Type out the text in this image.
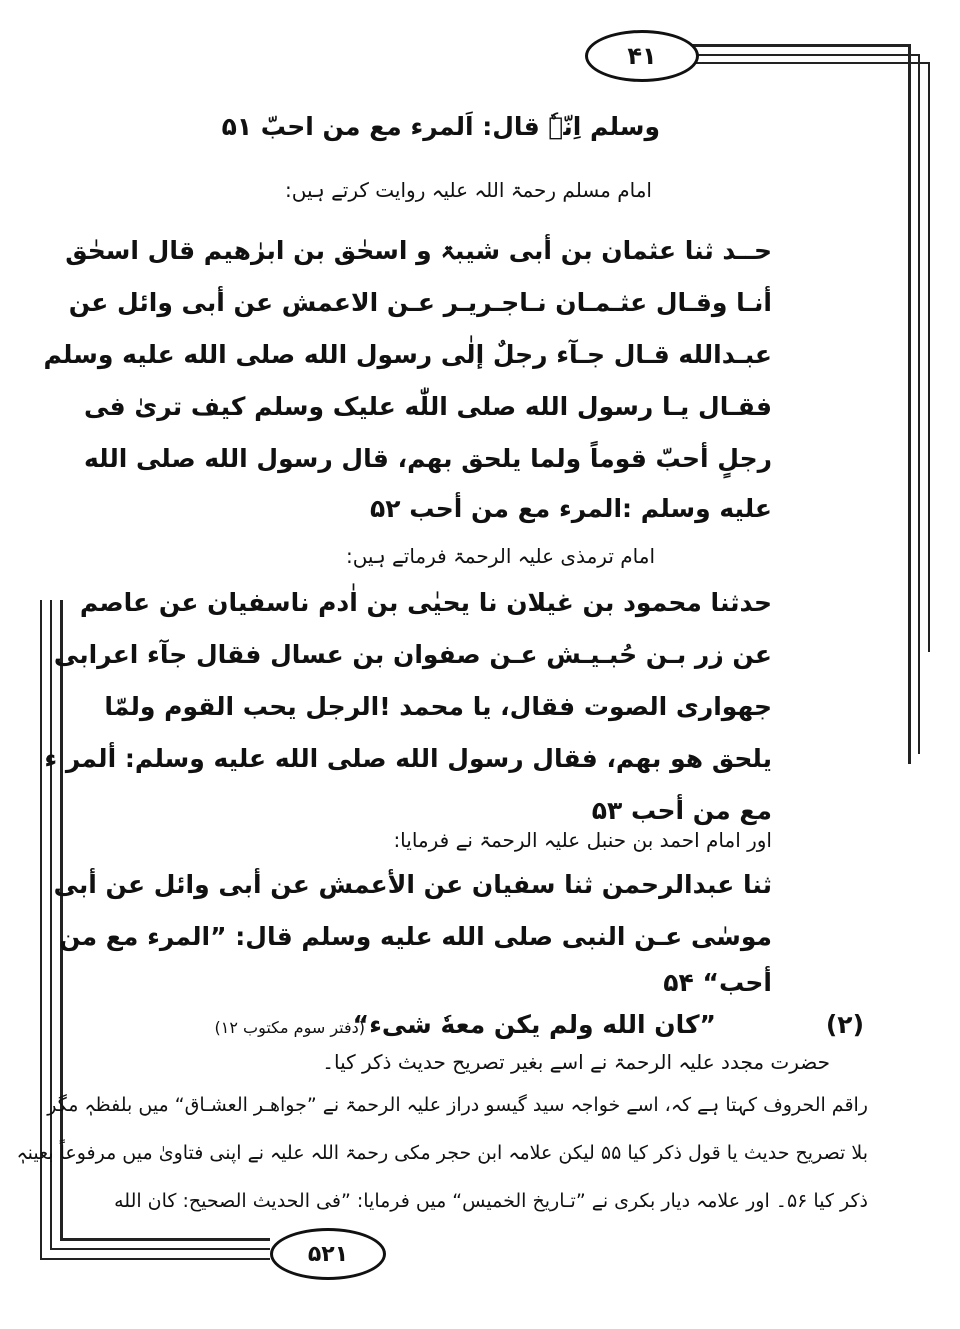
۴۱
۵۲۱
وسلم اِنّہٗ قال: اَلمرء مع من احبّ ۵۱
امام مسلم رحمۃ اللہ علیہ روایت کرتے ہیں:
حــد ثنا عثمان بن أبی شیبۃ و اسحٰق بن ابرٰھیم قال اسحٰق
أنـا وقـال عثـمـان نـاجـريـر عـن الاعمش عن أبی وائل عن
عبـدالله قـال جـآء رجلٌ إلٰی رسول الله صلی الله علیه وسلم
فقـال یـا رسول الله صلی اللّٰه علیک وسلم کیف تریٰ فی
رجلٍ أحبّ قوماً ولما یلحق بهم، قال رسول الله صلی الله
علیه وسلم :المرء مع من أحب ۵۲
امام ترمذی علیہ الرحمۃ فرماتے ہیں:
حدثنا محمود بن غیلان نا یحیٰی بن اٰدم ناسفیان عن عاصم
عن زر بـن حُبـیـش عـن صفوان بن عسال فقال جآء اعرابی
جهواری الصوت فقال، یا محمد !الرجل یحب القوم ولمّا
یلحق هو بهم، فقال رسول الله صلی الله علیه وسلم: ألمر ء
مع من أحب ۵۳
اور امام احمد بن حنبل علیہ الرحمۃ نے فرمایا:
ثنا عبدالرحمن ثنا سفیان عن الأعمش عن أبی وائل عن أبی
موسٰی عـن النبی صلی الله علیه وسلم قال: ”المرء مع من
أحب“ ۵۴
(۲)
”کان الله ولم یکن معهٗ شیء“
(دفتر سوم مکتوب ۱۲)
حضرت مجدد علیہ الرحمۃ نے اسے بغیر تصریح حدیث ذکر کیا۔
راقم الحروف کہتا ہے کہ، اسے خواجہ سید گیسو دراز علیہ الرحمۃ نے ”جواهـر العشـاق“ میں بلفظہٖ مگر
بلا تصریح حدیث یا قول ذکر کیا ۵۵ لیکن علامہ ابن حجر مکی رحمۃ اللہ علیہ نے اپنی فتاویٰ میں مرفوعاً بعینہٖ
ذکر کیا ۵۶۔ اور علامہ دیار بکری نے ”تـاریخ الخمیس“ میں فرمایا: ”فی الحدیث الصحیح: کان الله
